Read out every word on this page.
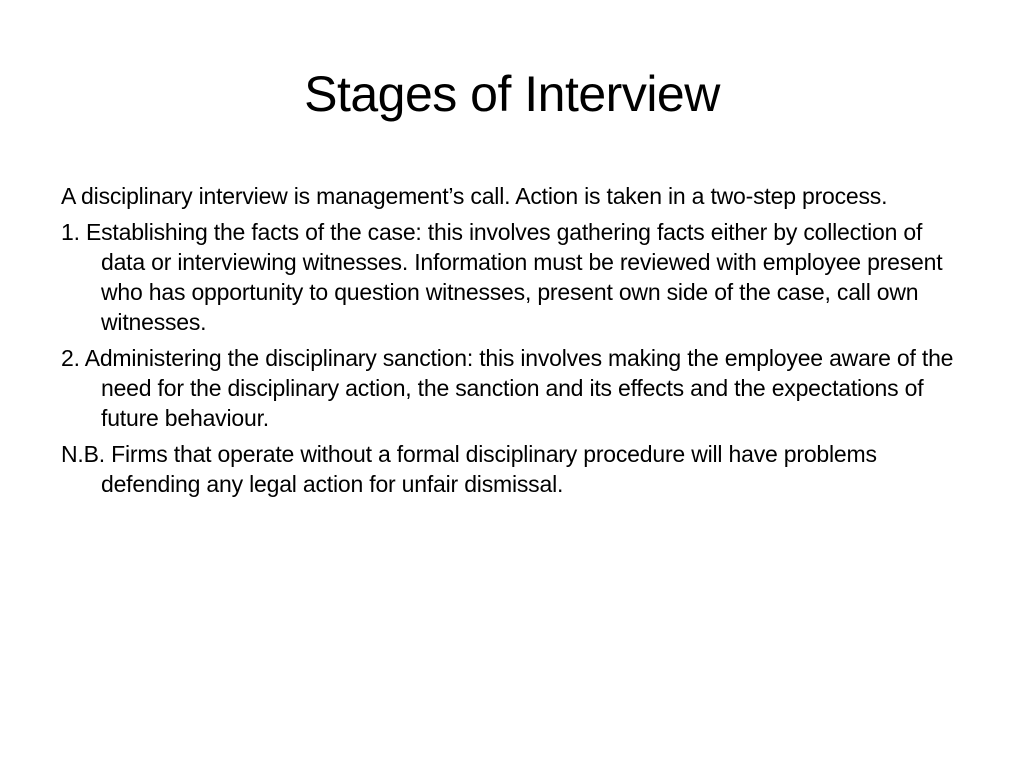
Stages of Interview

A disciplinary interview is management’s call. Action is taken in a two-step process.

1. Establishing the facts of the case: this involves gathering facts either by collection of data or interviewing witnesses. Information must be reviewed with employee present who has opportunity to question witnesses, present own side of the case, call own witnesses.

2. Administering the disciplinary sanction: this involves making the employee aware of the need for the disciplinary action, the sanction and its effects and the expectations of future behaviour.

N.B. Firms that operate without a formal disciplinary procedure will have problems defending any legal action for unfair dismissal.
